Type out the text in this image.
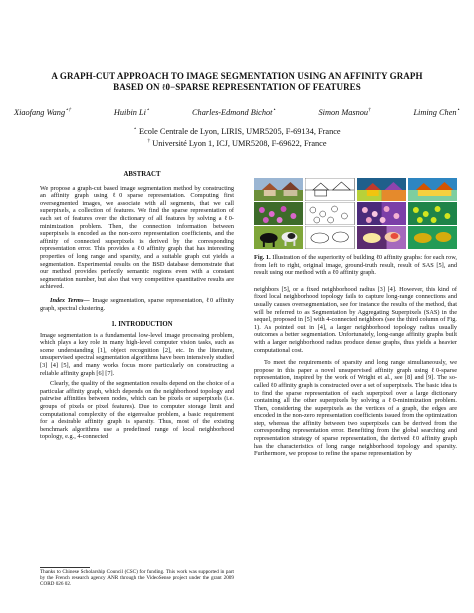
A GRAPH-CUT APPROACH TO IMAGE SEGMENTATION USING AN AFFINITY GRAPH
BASED ON ℓ0−SPARSE REPRESENTATION OF FEATURES
Xiaofang Wang⋆†	Huibin Li⋆	Charles-Edmond Bichot⋆	Simon Masnou†	Liming Chen⋆
⋆ Ecole Centrale de Lyon, LIRIS, UMR5205, F-69134, France
† Université Lyon 1, ICJ, UMR5208, F-69622, France

ABSTRACT

We propose a graph-cut based image segmentation method by constructing an affinity graph using ℓ0 sparse representation. Computing first oversegmented images, we associate with all segments, that we call superpixels, a collection of features. We find the sparse representation of each set of features over the dictionary of all features by solving a ℓ0-minimization problem. Then, the connection information between superpixels is encoded as the non-zero representation coefficients, and the affinity of connected superpixels is derived by the corresponding representation error. This provides a ℓ0 affinity graph that has interesting properties of long range and sparsity, and a suitable graph cut yields a segmentation. Experimental results on the BSD database demonstrate that our method provides perfectly semantic regions even with a constant segmentation number, but also that very competitive quantitative results are achieved.

Index Terms— Image segmentation, sparse representation, ℓ0 affinity graph, spectral clustering.

1. INTRODUCTION

Image segmentation is a fundamental low-level image processing problem, which plays a key role in many high-level computer vision tasks, such as scene understanding [1], object recognition [2], etc. In the literature, unsupervised spectral segmentation algorithms have been intensively studied [3] [4] [5], and many works focus more particularly on constructing a reliable affinity graph [6] [7].

Clearly, the quality of the segmentation results depend on the choice of a particular affinity graph, which depends on the neighborhood topology and pairwise affinities between nodes, which can be pixels or superpixels (i.e. groups of pixels or pixel features). Due to computer storage limit and computational complexity of the eigenvalue problem, a basic requirement for a desirable affinity graph is sparsity. Thus, most of the existing benchmark algorithms use a predefined range of local neighborhood topology, e.g., 4-connected

Thanks to Chinese Scholarship Council (CSC) for funding. This work was supported in part by the French research agency ANR through the VideoSense project under the grant 2009 CORD 026 02.

Fig. 1. Illustration of the superiority of building ℓ0 affinity graphs: for each row, from left to right, original image, ground-truth result, result of SAS [5], and result using our method with a ℓ0 affinity graph.

neighbors [5], or a fixed neighborhood radius [3] [4]. However, this kind of fixed local neighborhood topology fails to capture long-range connections and usually causes oversegmentation, see for instance the results of the method, that will be referred to as Segmentation by Aggregating Superpixels (SAS) in the sequel, proposed in [5] with 4-connected neighbors (see the third column of Fig. 1). As pointed out in [4], a larger neighborhood topology radius usually outcomes a better segmentation. Unfortunately, long-range affinity graphs built with a larger neighborhood radius produce dense graphs, thus yields a heavier computational cost.

To meet the requirements of sparsity and long range simultaneously, we propose in this paper a novel unsupervised affinity graph using ℓ0-sparse representation, inspired by the work of Wright et al., see [8] and [9]. The so-called ℓ0 affinity graph is constructed over a set of superpixels. The basic idea is to find the sparse representation of each superpixel over a large dictionary containing all the other superpixels by solving a ℓ0-minimization problem. Then, considering the superpixels as the vertices of a graph, the edges are encoded in the non-zero representation coefficients issued from the optimization step, whereas the affinity between two superpixels can be derived from the corresponding representation error. Benefiting from the global searching and representation strategy of sparse representation, the derived ℓ0 affinity graph has the characteristics of long range neighborhood topology and sparsity. Furthermore, we propose to refine the sparse representation by
